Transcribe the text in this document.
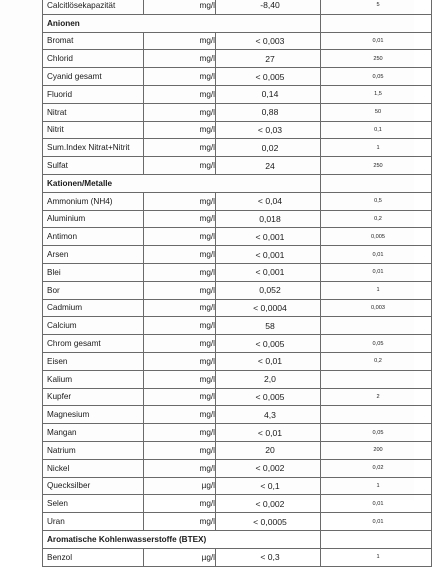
Calcitlösekapazität	mg/l	-8,40	5
Anionen			
Bromat	mg/l	< 0,003	0,01
Chlorid	mg/l	27	250
Cyanid gesamt	mg/l	< 0,005	0,05
Fluorid	mg/l	0,14	1,5
Nitrat	mg/l	0,88	50
Nitrit	mg/l	< 0,03	0,1
Sum.Index Nitrat+Nitrit	mg/l	0,02	1
Sulfat	mg/l	24	250
Kationen/Metalle			
Ammonium (NH4)	mg/l	< 0,04	0,5
Aluminium	mg/l	0,018	0,2
Antimon	mg/l	< 0,001	0,005
Arsen	mg/l	< 0,001	0,01
Blei	mg/l	< 0,001	0,01
Bor	mg/l	0,052	1
Cadmium	mg/l	< 0,0004	0,003
Calcium	mg/l	58	
Chrom gesamt	mg/l	< 0,005	0,05
Eisen	mg/l	< 0,01	0,2
Kalium	mg/l	2,0	
Kupfer	mg/l	< 0,005	2
Magnesium	mg/l	4,3	
Mangan	mg/l	< 0,01	0,05
Natrium	mg/l	20	200
Nickel	mg/l	< 0,002	0,02
Quecksilber	µg/l	< 0,1	1
Selen	mg/l	< 0,002	0,01
Uran	mg/l	< 0,0005	0,01
Aromatische Kohlenwasserstoffe (BTEX)			
Benzol	µg/l	< 0,3	1
